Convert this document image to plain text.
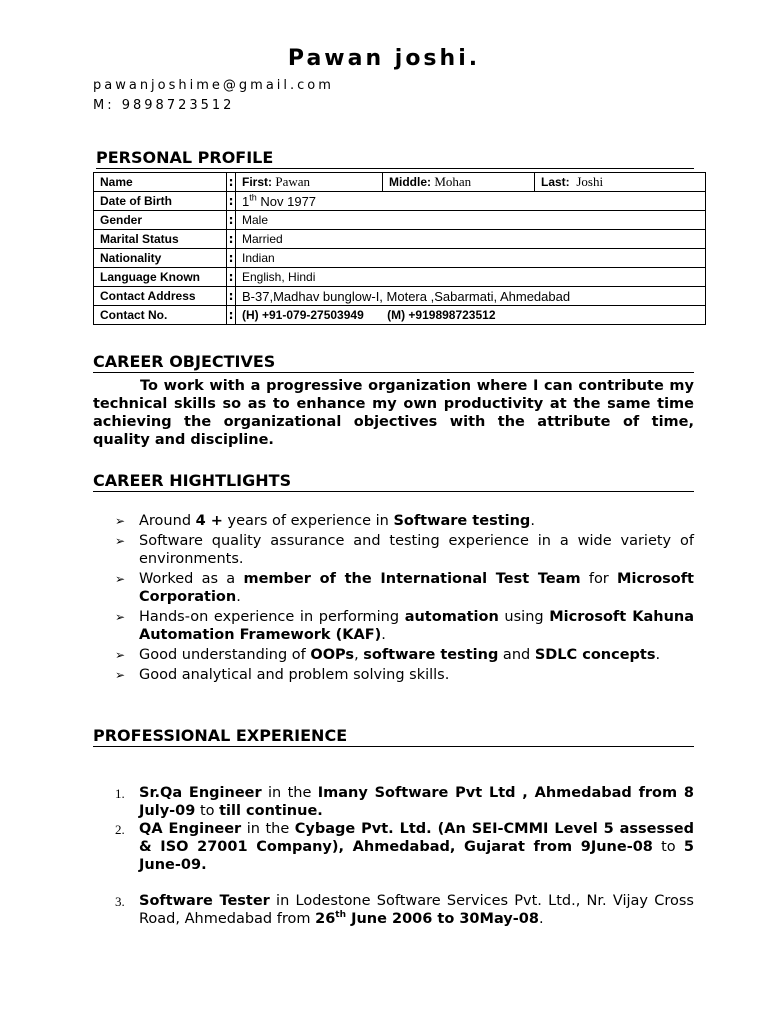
Pawan joshi.
pawanjoshime@gmail.com
M: 9898723512
PERSONAL PROFILE
Name	:	First: Pawan	Middle: Mohan	Last: Joshi
Date of Birth	:	1th Nov 1977		
Gender	:	Male		
Marital Status	:	Married		
Nationality	:	Indian		
Language Known	:	English, Hindi		
Contact Address	:	B-37,Madhav bunglow-I, Motera ,Sabarmati, Ahmedabad		
Contact No.	:	(H) +91-079-27503949       (M) +919898723512		
CAREER OBJECTIVES
To work with a progressive organization where I can contribute my technical skills so as to enhance my own productivity at the same time achieving the organizational objectives with the attribute of time, quality and discipline.
CAREER HIGHTLIGHTS
➢ Around 4 + years of experience in Software testing.
➢ Software quality assurance and testing experience in a wide variety of environments.
➢ Worked as a member of the International Test Team for Microsoft Corporation.
➢ Hands-on experience in performing automation using Microsoft Kahuna Automation Framework (KAF).
➢ Good understanding of OOPs, software testing and SDLC concepts.
➢ Good analytical and problem solving skills.
PROFESSIONAL EXPERIENCE
1. Sr.Qa Engineer in the Imany Software Pvt Ltd , Ahmedabad from 8 July-09 to till continue.
2. QA Engineer in the Cybage Pvt. Ltd. (An SEI-CMMI Level 5 assessed & ISO 27001 Company), Ahmedabad, Gujarat from 9June-08 to 5 June-09.
3. Software Tester in Lodestone Software Services Pvt. Ltd., Nr. Vijay Cross Road, Ahmedabad from 26th June 2006 to 30May-08.
